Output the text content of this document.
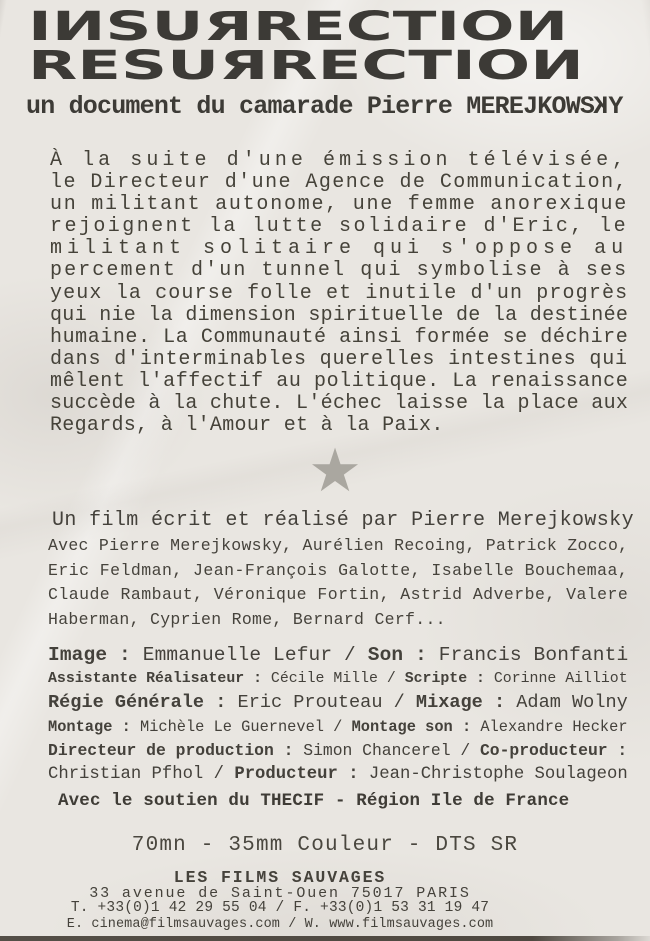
IИSUЯRECTIOИ
RESUЯRECTIOИ
un document du camarade Pierre MEREJKOWSKY
À la suite d'une émission télévisée,
le Directeur d'une Agence de Communication,
un militant autonome, une femme anorexique
rejoignent la lutte solidaire d'Eric, le
militant solitaire qui s'oppose au
percement d'un tunnel qui symbolise à ses
yeux la course folle et inutile d'un progrès
qui nie la dimension spirituelle de la destinée
humaine. La Communauté ainsi formée se déchire
dans d'interminables querelles intestines qui
mêlent l'affectif au politique. La renaissance
succède à la chute. L'échec laisse la place aux
Regards, à l'Amour et à la Paix.
★
Un film écrit et réalisé par Pierre Merejkowsky
Avec Pierre Merejkowsky, Aurélien Recoing, Patrick Zocco,
Eric Feldman, Jean-François Galotte, Isabelle Bouchemaa,
Claude Rambaut, Véronique Fortin, Astrid Adverbe, Valere
Haberman, Cyprien Rome, Bernard Cerf...
Image : Emmanuelle Lefur / Son : Francis Bonfanti
Assistante Réalisateur : Cécile Mille / Scripte : Corinne Ailliot
Régie Générale : Eric Prouteau / Mixage : Adam Wolny
Montage : Michèle Le Guernevel / Montage son : Alexandre Hecker
Directeur de production : Simon Chancerel / Co-producteur :
Christian Pfhol / Producteur : Jean-Christophe Soulageon
Avec le soutien du THECIF - Région Ile de France
70mn - 35mm Couleur - DTS SR
LES FILMS SAUVAGES
33 avenue de Saint-Ouen 75017 PARIS
T. +33(0)1 42 29 55 04 / F. +33(0)1 53 31 19 47
E. cinema@filmsauvages.com / W. www.filmsauvages.com
